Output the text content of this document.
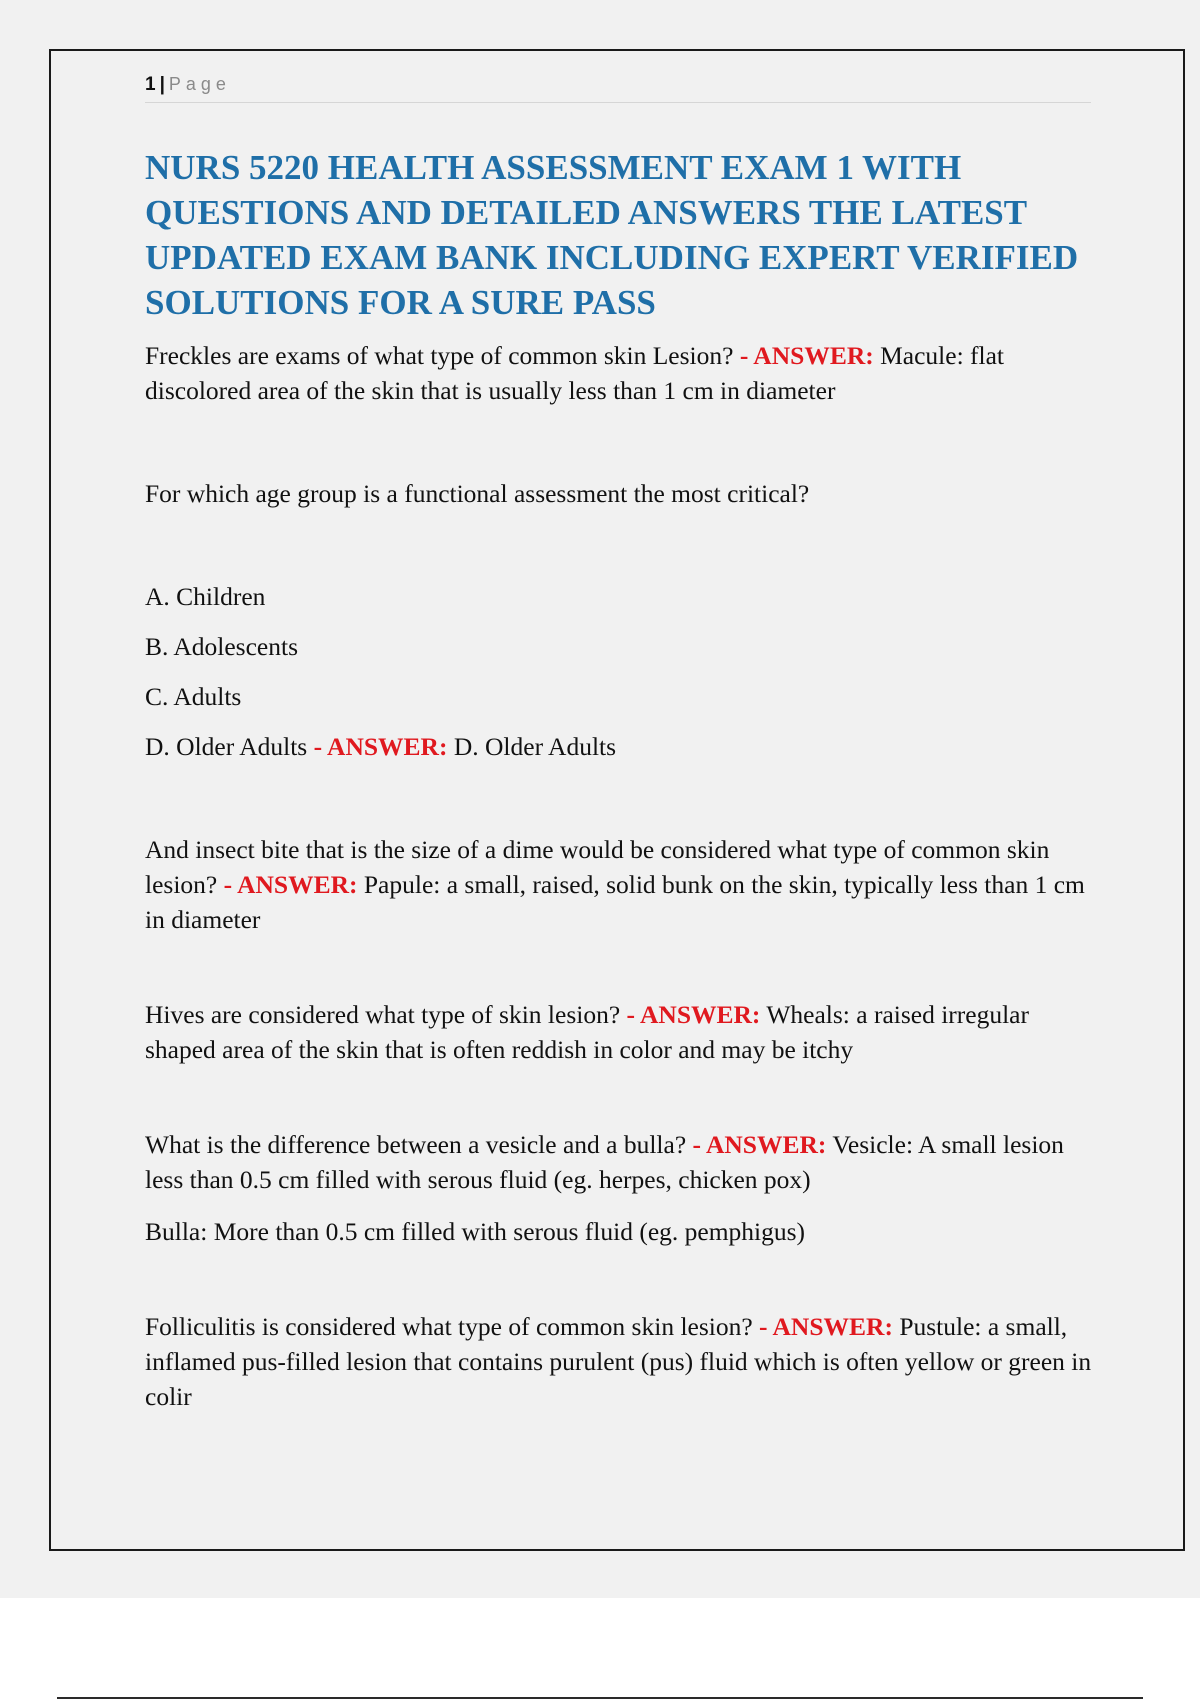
1 | Page
NURS 5220 HEALTH ASSESSMENT EXAM 1 WITH QUESTIONS AND DETAILED ANSWERS THE LATEST UPDATED EXAM BANK INCLUDING EXPERT VERIFIED SOLUTIONS FOR A SURE PASS

Freckles are exams of what type of common skin Lesion? - ANSWER: Macule: flat discolored area of the skin that is usually less than 1 cm in diameter

For which age group is a functional assessment the most critical?

A. Children

B. Adolescents

C. Adults

D. Older Adults - ANSWER: D. Older Adults

And insect bite that is the size of a dime would be considered what type of common skin lesion? - ANSWER: Papule: a small, raised, solid bunk on the skin, typically less than 1 cm in diameter

Hives are considered what type of skin lesion? - ANSWER: Wheals: a raised irregular shaped area of the skin that is often reddish in color and may be itchy

What is the difference between a vesicle and a bulla? - ANSWER: Vesicle: A small lesion less than 0.5 cm filled with serous fluid (eg. herpes, chicken pox)

Bulla: More than 0.5 cm filled with serous fluid (eg. pemphigus)

Folliculitis is considered what type of common skin lesion? - ANSWER: Pustule: a small, inflamed pus-filled lesion that contains purulent (pus) fluid which is often yellow or green in colir
